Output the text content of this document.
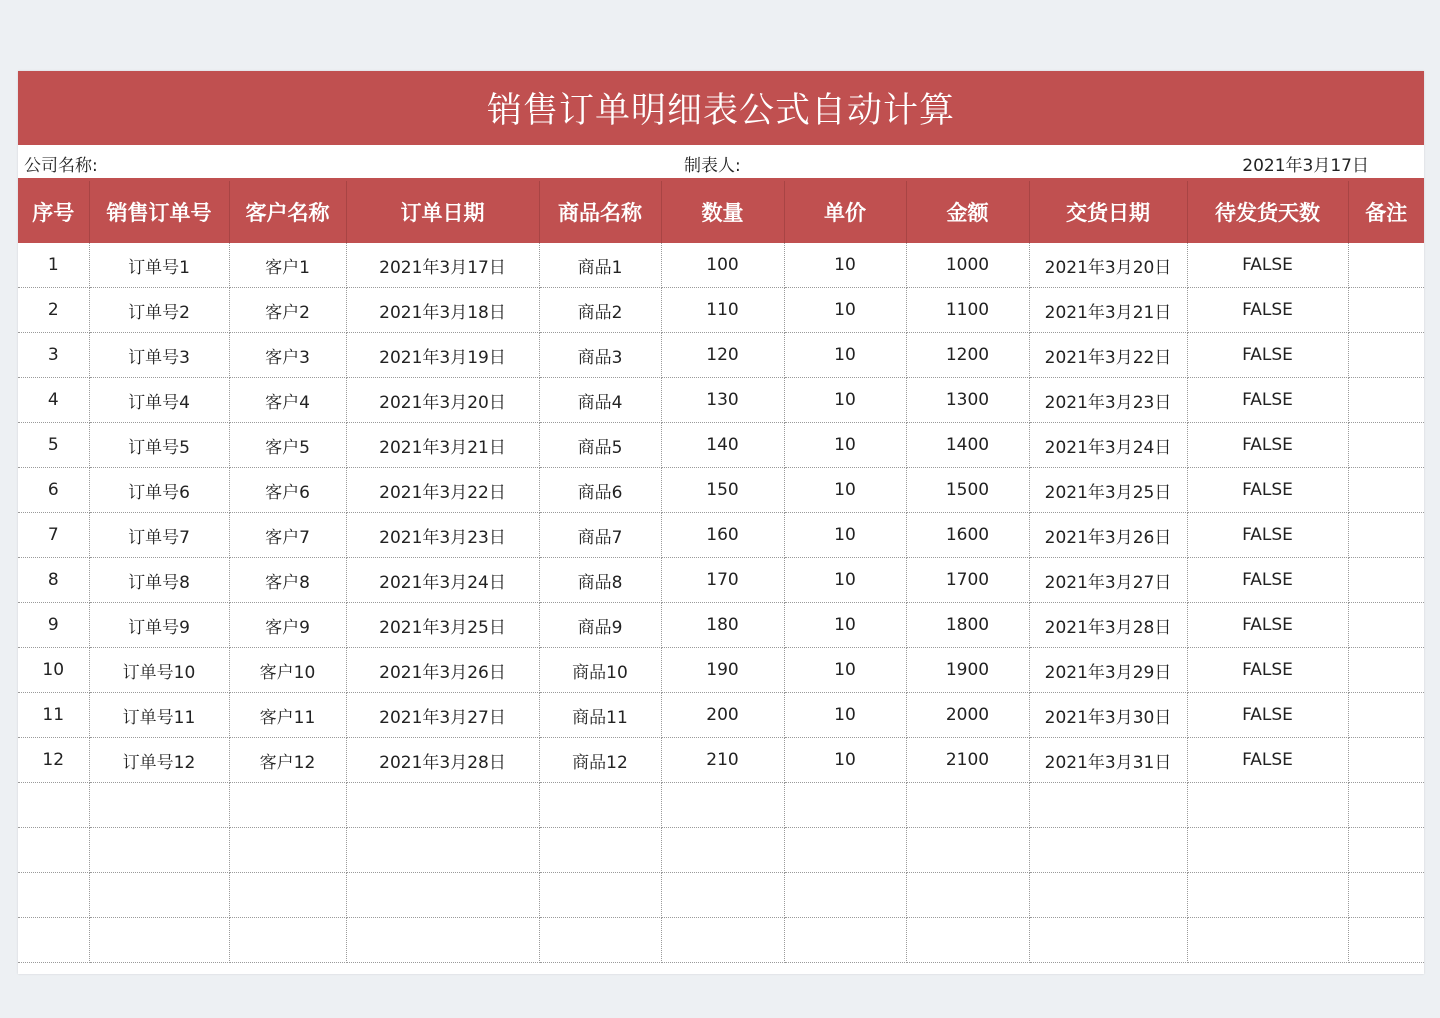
销售订单明细表公式自动计算
公司名称:	制表人:	2021年3月17日
序号	销售订单号	客户名称	订单日期	商品名称	数量	单价	金额	交货日期	待发货天数	备注
1	订单号1	客户1	2021年3月17日	商品1	100	10	1000	2021年3月20日	FALSE	
2	订单号2	客户2	2021年3月18日	商品2	110	10	1100	2021年3月21日	FALSE	
3	订单号3	客户3	2021年3月19日	商品3	120	10	1200	2021年3月22日	FALSE	
4	订单号4	客户4	2021年3月20日	商品4	130	10	1300	2021年3月23日	FALSE	
5	订单号5	客户5	2021年3月21日	商品5	140	10	1400	2021年3月24日	FALSE	
6	订单号6	客户6	2021年3月22日	商品6	150	10	1500	2021年3月25日	FALSE	
7	订单号7	客户7	2021年3月23日	商品7	160	10	1600	2021年3月26日	FALSE	
8	订单号8	客户8	2021年3月24日	商品8	170	10	1700	2021年3月27日	FALSE	
9	订单号9	客户9	2021年3月25日	商品9	180	10	1800	2021年3月28日	FALSE	
10	订单号10	客户10	2021年3月26日	商品10	190	10	1900	2021年3月29日	FALSE	
11	订单号11	客户11	2021年3月27日	商品11	200	10	2000	2021年3月30日	FALSE	
12	订单号12	客户12	2021年3月28日	商品12	210	10	2100	2021年3月31日	FALSE	
